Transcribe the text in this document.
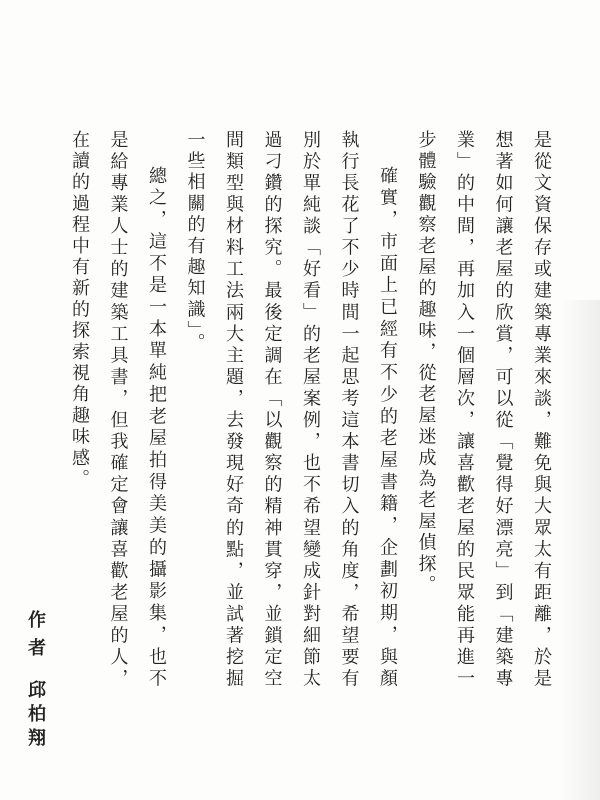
是從文資保存或建築專業來談，難免與大眾太有距離，於是想著如何讓老屋的欣賞，可以從「覺得好漂亮」到「建築專業」的中間，再加入一個層次，讓喜歡老屋的民眾能再進一步體驗觀察老屋的趣味，從老屋迷成為老屋偵探。

確實，市面上已經有不少的老屋書籍，企劃初期，與顏執行長花了不少時間一起思考這本書切入的角度，希望要有別於單純談「好看」的老屋案例，也不希望變成針對細節太過刁鑽的探究。最後定調在「以觀察的精神貫穿，並鎖定空間類型與材料工法兩大主題，去發現好奇的點，並試著挖掘一些相關的有趣知識」。

總之，這不是一本單純把老屋拍得美美的攝影集，也不是給專業人士的建築工具書，但我確定會讓喜歡老屋的人，在讀的過程中有新的探索視角趣味感。

作者邱柏翔
